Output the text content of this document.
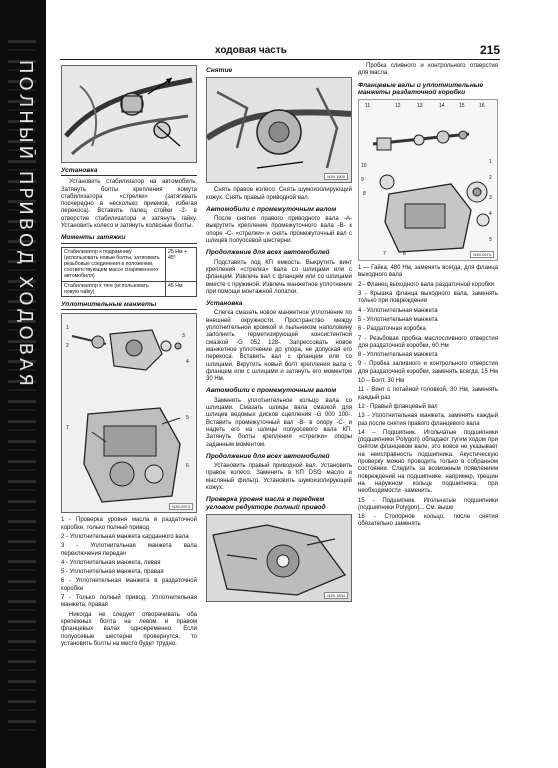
ПОЛНЫЙ ПРИВОД ХОДОВАЯ
ходовая часть	215
Установка

Установить стабилизатор на автомобиль. Затянуть болты крепления хомута стабилизатора «стрелки» (затягивать посчередно в несколько приемов, избегая перекоса). Вставить палец стойки -2- в отверстие стабилизатора и затянуть гайку. Установить колесо и затянуть колесные болты.

Моменты затяжки
Стабилизатор к подрамнику (использовать новые болты, затягивать резьбовые соединения в положении, соответствующем массе снаряженного автомобиля)	25 Нм + 45°
Стабилизатор к тяге (использовать новую гайку)	45 Нм
Уплотнительные манжеты
1
2
3
4
5
6
7
N39-0973

1 - Проверка уровня масла в раздаточной коробке, только полный привод

2 - Уплотнительная манжета карданного вала

3 - Уплотнительная манжета вала переключения передач

4 - Уплотнительная манжета, левая

5 - Уплотнительная манжета, правая

6 - Уплотнительная манжета в раздаточной коробке

7 - Только полный привод. Уплотнительная манжета, правая

Никогда не следует отворачивать оба крепежных болта на левом и правом фланцевых валах одновременно. Если полуосевые шестерни провернутся, то установить болты на место будет трудно.

Снятие
N39-1900

Снять правое колесо. Снять шумоизолирующий кожух. Снять правый приводной вал.

Автомобили с промежуточным валом

После снятия правого приводного вала -А- выкрутить крепление промежуточного вала -В- к опоре -С- «стрелки» и снять промежуточный вал с шлицев полуосевой шестерни.

Продолжение для всех автомобилей

Подставить под КП емкость. Выкрутить винт крепления «стрелка» вала со шлицами или с фланцем. Извлечь вал с фланцем или со шлицами вместе с пружиной. Извлечь манжетное уплотнение при помощи монтажной лопатки.

Установка

Слегка смазать новое манжетное уплотнение по внешней окружности. Пространство между уплотнительной кромкой и пыльником наполовину заполнить герметизирующей консистентной смазкой -G 052 128-. Запрессовать новое манжетное уплотнение до упора, не допуская его перекоса. Вставить вал с фланцем или со шлицами. Вкрутить новый болт крепления вала с фланцем или с шлицами и затянуть его моментом 30 Нм.

Автомобили с промежуточным валом

Заменить уплотнительное кольцо вала со шлицами. Смазать шлицы вала смазкой для шлицев ведомых дисков сцепления -G 000 100-. Вставить промежуточный вал -В- в опору -С- и надеть его на шлицы полуосевого вала КП. Затянуть болты крепления «стрелки» опоры заданным моментом.

Продолжение для всех автомобилей

Установить правый приводной вал. Установить правое колесо. Заменить в КП DSG масло и масляный фильтр. Установить шумоизолирующий кожух.

Проверка уровня масла в переднем угловом редукторе полный привод
N39-1834

Пробка сливного и контрольного отверстия для масла.

Фланцевые валы и уплотнительные манжеты раздаточной коробки
11	12	13	14	15	16
10
9
8
7	6
5
4
3
2
1
N39-0974

1 — Гайка, 480 Нм, заменять всегда, для фланца выходного вала

2 - Фланец выходного вала раздаточной коробки

3 - Крышка фланца выходного вала, заменять только при повреждении

4 - Уплотнительная манжета

5 - Уплотнительная манжета

6 - Раздаточная коробка

7 - Резьбовая пробка маслосливного отверстия для раздаточной коробки, 60 Нм

8 - Уплотнительная манжета

9 - Пробка заливного и контрольного отверстия для раздаточной коробки, заменять всегда, 15 Нм

10 – Болт, 30 Нм

11 - Винт с потайной головкой, 30 Нм, заменять каждый раз

12 - Правый фланцевый вал

13 - Уплотнительная манжета, заменять каждый раз после снятия правого фланцевого вала

14 – Подшипник. Игольчатые подшипники (подшипники Polygon) обладают тугим ходом при снятом фланцевом вале, это вовсе не указывает на неисправность подшипника. Акустическую проверку можно проводить только в собранном состоянии. Следить за возможным появлением повреждений на подшипнике, например, трещин на наружном кольце подшипника, при необходимости -заменить.

15 - Подшипник. Игольчатые подшипники (подшипники Polygon)... См. выше

16 - Стопорное кольцо, после снятия обязательно заменять
